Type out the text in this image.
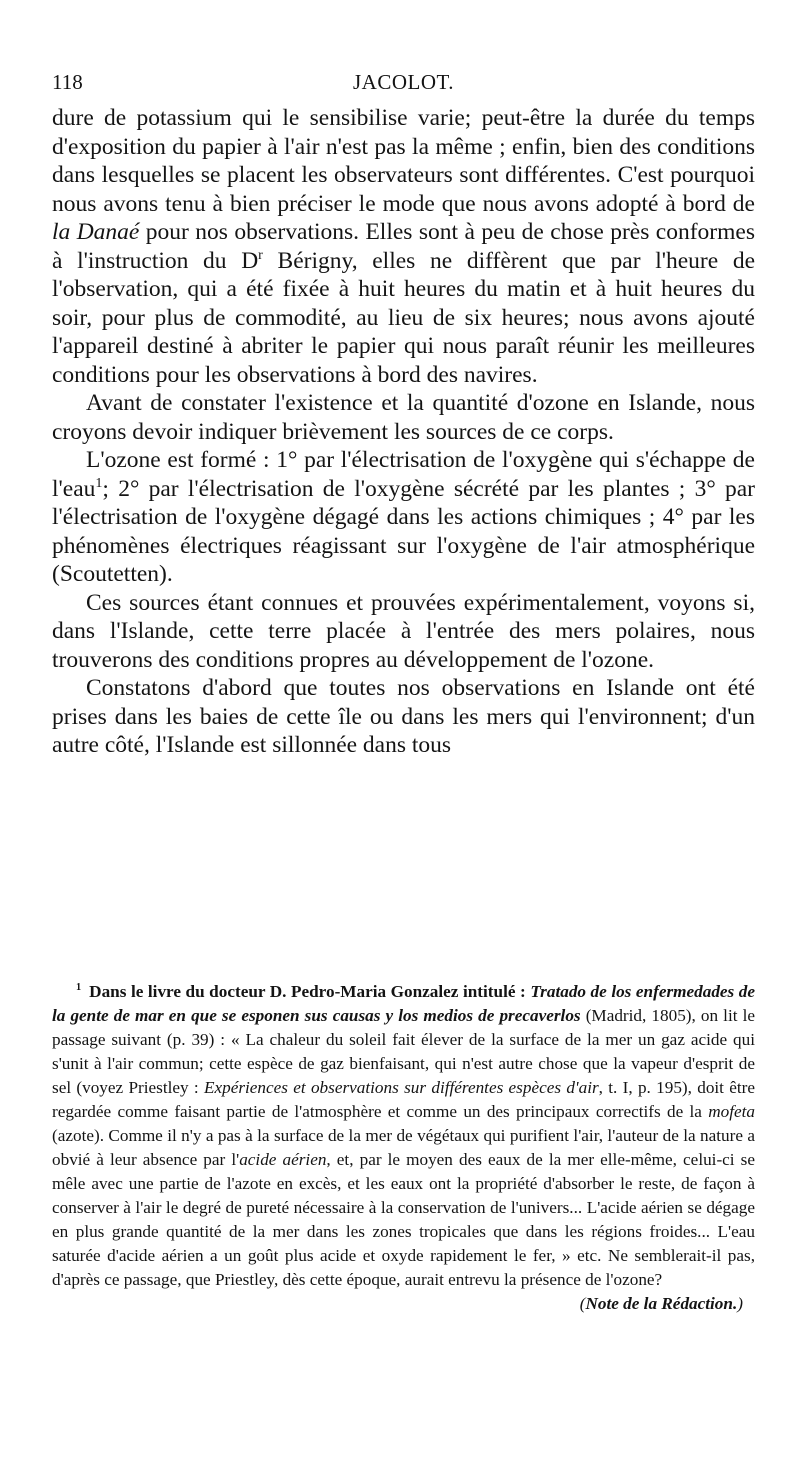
118	JACOLOT.

dure de potassium qui le sensibilise varie; peut-être la durée du temps d'exposition du papier à l'air n'est pas la même ; enfin, bien des conditions dans lesquelles se placent les observateurs sont différentes. C'est pourquoi nous avons tenu à bien préciser le mode que nous avons adopté à bord de la Danaé pour nos observations. Elles sont à peu de chose près conformes à l'instruction du $D^r$ Bérigny, elles ne diffèrent que par l'heure de l'observation, qui a été fixée à huit heures du matin et à huit heures du soir, pour plus de commodité, au lieu de six heures; nous avons ajouté l'appareil destiné à abriter le papier qui nous paraît réunir les meilleures conditions pour les observations à bord des navires.

Avant de constater l'existence et la quantité d'ozone en Islande, nous croyons devoir indiquer brièvement les sources de ce corps.

L'ozone est formé : 1° par l'électrisation de l'oxygène qui s'échappe de l'eau$^1$; 2° par l'électrisation de l'oxygène sécrété par les plantes ; 3° par l'électrisation de l'oxygène dégagé dans les actions chimiques ; 4° par les phénomènes électriques réagissant sur l'oxygène de l'air atmosphérique (Scoutetten).

Ces sources étant connues et prouvées expérimentalement, voyons si, dans l'Islande, cette terre placée à l'entrée des mers polaires, nous trouverons des conditions propres au développement de l'ozone.

Constatons d'abord que toutes nos observations en Islande ont été prises dans les baies de cette île ou dans les mers qui l'environnent; d'un autre côté, l'Islande est sillonnée dans tous

$^1$ Dans le livre du docteur D. Pedro-Maria Gonzalez intitulé : Tratado de los enfermedades de la gente de mar en que se esponen sus causas y los medios de precaverlos (Madrid, 1805), on lit le passage suivant (p. 39) : « La chaleur du soleil fait élever de la surface de la mer un gaz acide qui s'unit à l'air commun; cette espèce de gaz bienfaisant, qui n'est autre chose que la vapeur d'esprit de sel (voyez Priestley : Expériences et observations sur différentes espèces d'air, t. I, p. 195), doit être regardée comme faisant partie de l'atmosphère et comme un des principaux correctifs de la mofeta (azote). Comme il n'y a pas à la surface de la mer de végétaux qui purifient l'air, l'auteur de la nature a obvié à leur absence par l'acide aérien, et, par le moyen des eaux de la mer elle-même, celui-ci se mêle avec une partie de l'azote en excès, et les eaux ont la propriété d'absorber le reste, de façon à conserver à l'air le degré de pureté nécessaire à la conservation de l'univers... L'acide aérien se dégage en plus grande quantité de la mer dans les zones tropicales que dans les régions froides... L'eau saturée d'acide aérien a un goût plus acide et oxyde rapidement le fer, » etc. Ne semblerait-il pas, d'après ce passage, que Priestley, dès cette époque, aurait entrevu la présence de l'ozone?
(Note de la Rédaction.)
